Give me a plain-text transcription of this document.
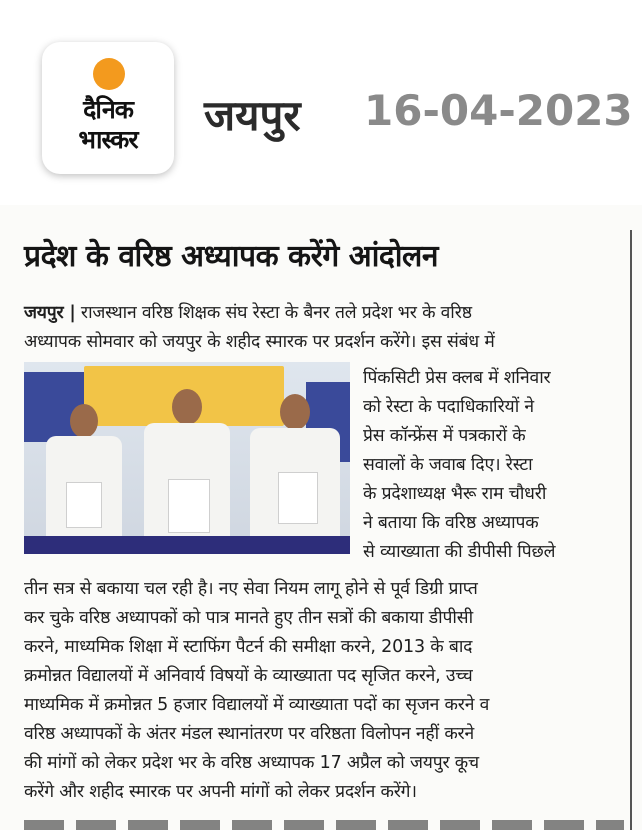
दैनिक
भास्कर	जयपुर 16-04-2023
प्रदेश के वरिष्ठ अध्यापक करेंगे आंदोलन
जयपुर | राजस्थान वरिष्ठ शिक्षक संघ रेस्टा के बैनर तले प्रदेश भर के वरिष्ठ
अध्यापक सोमवार को जयपुर के शहीद स्मारक पर प्रदर्शन करेंगे। इस संबंध में
पिंकसिटी प्रेस क्लब में शनिवार
को रेस्टा के पदाधिकारियों ने
प्रेस कॉन्फ्रेंस में पत्रकारों के
सवालों के जवाब दिए। रेस्टा
के प्रदेशाध्यक्ष भैरू राम चौधरी
ने बताया कि वरिष्ठ अध्यापक
से व्याख्याता की डीपीसी पिछले
तीन सत्र से बकाया चल रही है। नए सेवा नियम लागू होने से पूर्व डिग्री प्राप्त
कर चुके वरिष्ठ अध्यापकों को पात्र मानते हुए तीन सत्रों की बकाया डीपीसी
करने, माध्यमिक शिक्षा में स्टाफिंग पैटर्न की समीक्षा करने, 2013 के बाद
क्रमोन्नत विद्यालयों में अनिवार्य विषयों के व्याख्याता पद सृजित करने, उच्च
माध्यमिक में क्रमोन्नत 5 हजार विद्यालयों में व्याख्याता पदों का सृजन करने व
वरिष्ठ अध्यापकों के अंतर मंडल स्थानांतरण पर वरिष्ठता विलोपन नहीं करने
की मांगों को लेकर प्रदेश भर के वरिष्ठ अध्यापक 17 अप्रैल को जयपुर कूच
करेंगे और शहीद स्मारक पर अपनी मांगों को लेकर प्रदर्शन करेंगे।
